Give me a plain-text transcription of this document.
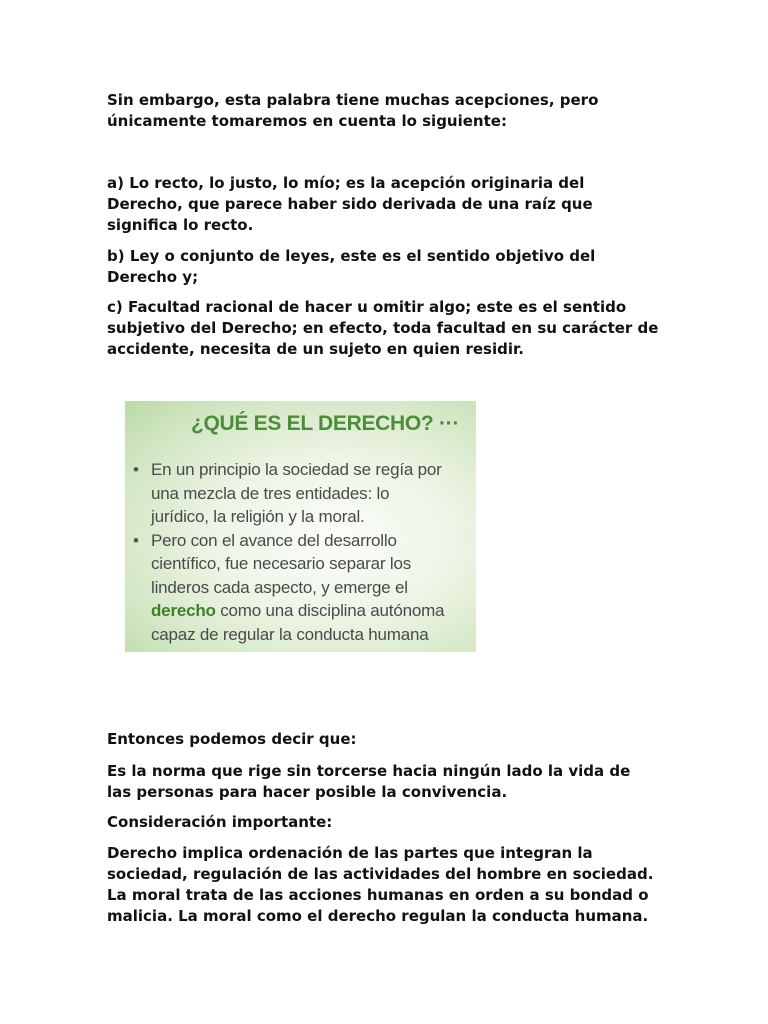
Sin embargo, esta palabra tiene muchas acepciones, pero
únicamente tomaremos en cuenta lo siguiente:

a) Lo recto, lo justo, lo mío; es la acepción originaria del
Derecho, que parece haber sido derivada de una raíz que
significa lo recto.

b) Ley o conjunto de leyes, este es el sentido objetivo del
Derecho y;

c) Facultad racional de hacer u omitir algo; este es el sentido
subjetivo del Derecho; en efecto, toda facultad en su carácter de
accidente, necesita de un sujeto en quien residir.

¿QUÉ ES EL DERECHO? ···

• En un principio la sociedad se regía por
una mezcla de tres entidades: lo
jurídico, la religión y la moral.
• Pero con el avance del desarrollo
científico, fue necesario separar los
linderos cada aspecto, y emerge el
derecho como una disciplina autónoma
capaz de regular la conducta humana

Entonces podemos decir que:

Es la norma que rige sin torcerse hacia ningún lado la vida de
las personas para hacer posible la convivencia.

Consideración importante:

Derecho implica ordenación de las partes que integran la
sociedad, regulación de las actividades del hombre en sociedad.
La moral trata de las acciones humanas en orden a su bondad o
malicia. La moral como el derecho regulan la conducta humana.
